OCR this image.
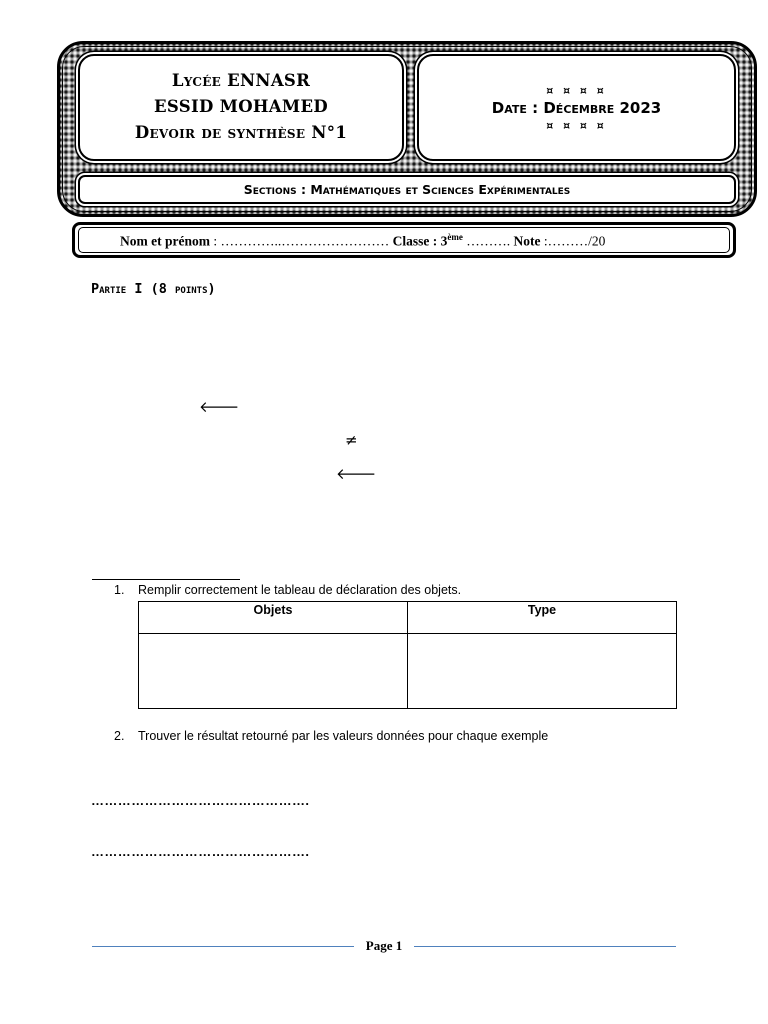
Lycée ENNASR
ESSID MOHAMED
Devoir de synthèse N°1
¤ ¤ ¤ ¤
Date : Décembre 2023
¤ ¤ ¤ ¤
Sections : Mathématiques et Sciences Expérimentales
Nom et prénom : …………..…………………… Classe : 3ème ………. Note :………/20
Partie I (8 points)
🡐
≠
🡐
1. Remplir correctement le tableau de déclaration des objets.
Objets	Type

2. Trouver le résultat retourné par les valeurs données pour chaque exemple
………………………………………….
………………………………………….
Page 1
